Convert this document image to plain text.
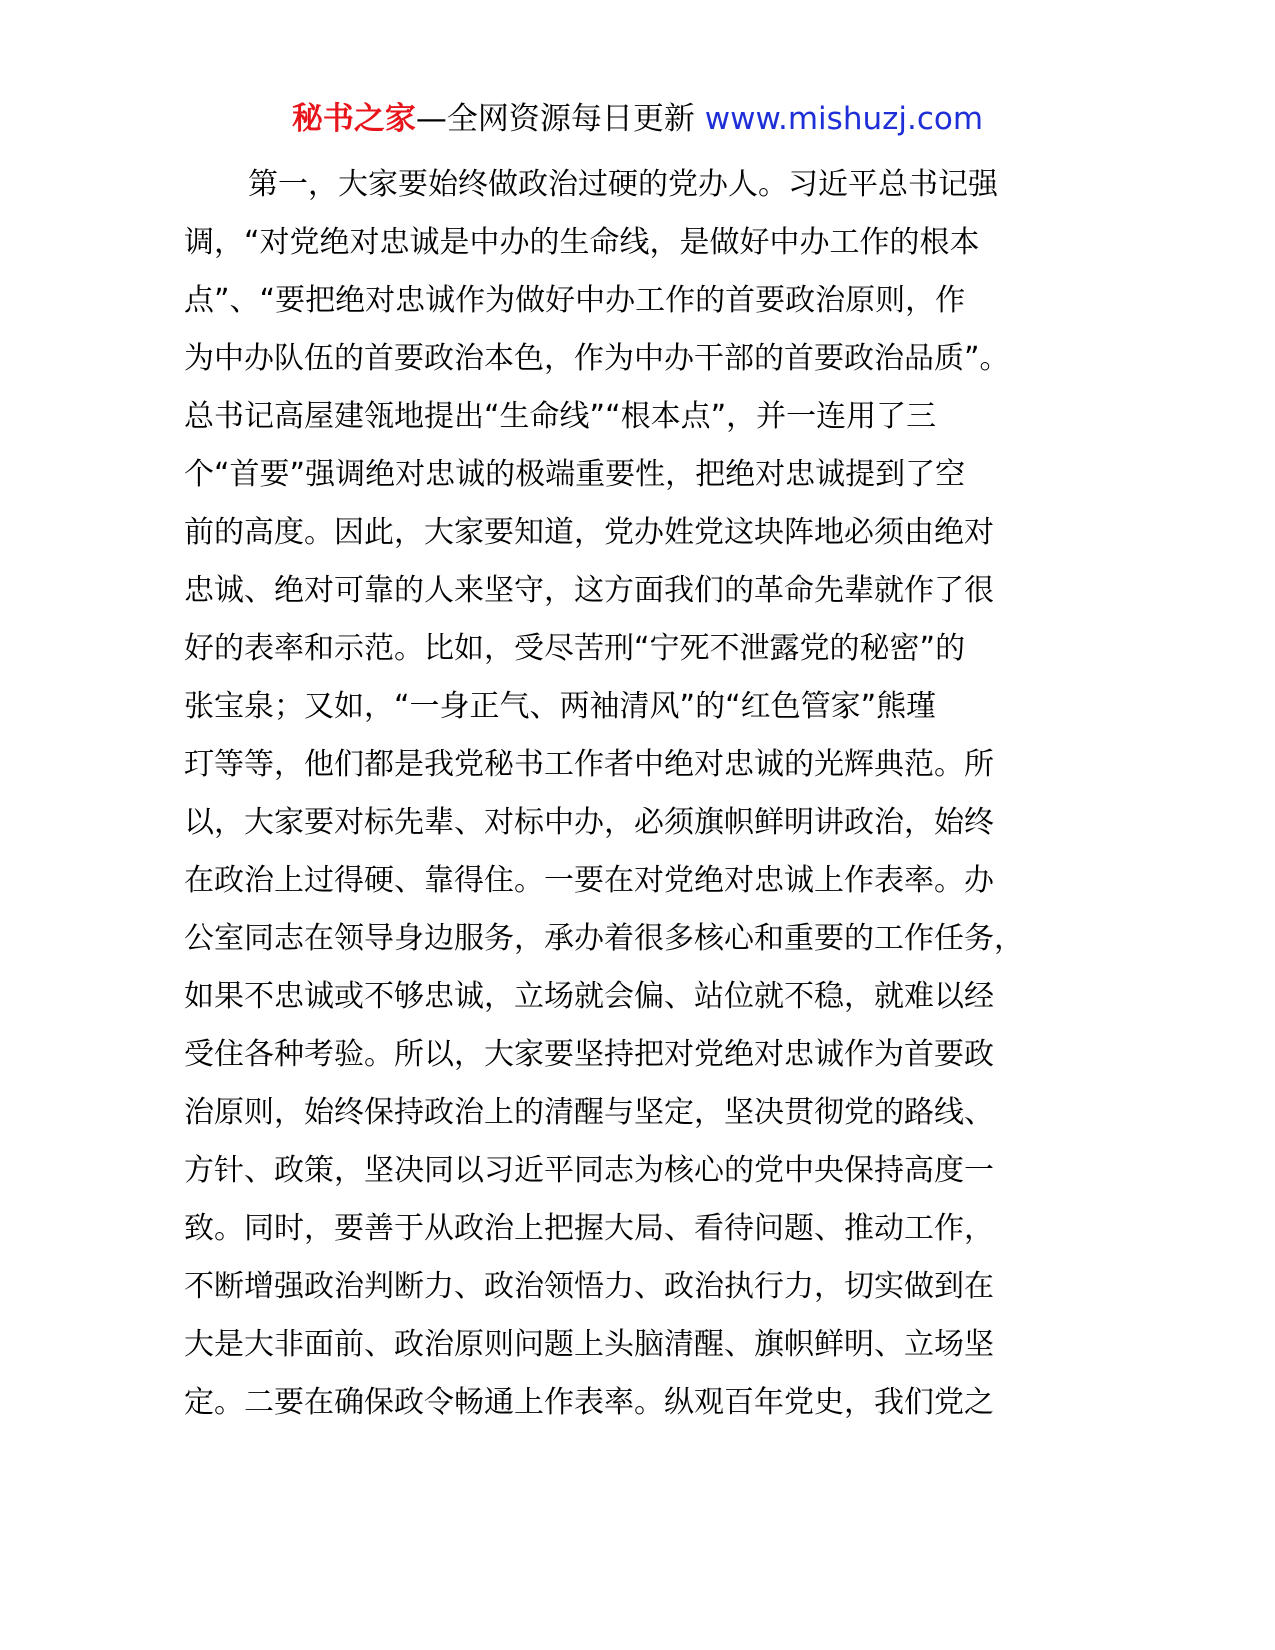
秘书之家—全网资源每日更新 www.mishuzj.com
第一，大家要始终做政治过硬的党办人。习近平总书记强
调，“对党绝对忠诚是中办的生命线，是做好中办工作的根本
点”、“要把绝对忠诚作为做好中办工作的首要政治原则，作
为中办队伍的首要政治本色，作为中办干部的首要政治品质”。
总书记高屋建瓴地提出“生命线”“根本点”，并一连用了三
个“首要”强调绝对忠诚的极端重要性，把绝对忠诚提到了空
前的高度。因此，大家要知道，党办姓党这块阵地必须由绝对
忠诚、绝对可靠的人来坚守，这方面我们的革命先辈就作了很
好的表率和示范。比如，受尽苦刑“宁死不泄露党的秘密”的
张宝泉；又如，“一身正气、两袖清风”的“红色管家”熊瑾
玎等等，他们都是我党秘书工作者中绝对忠诚的光辉典范。所
以，大家要对标先辈、对标中办，必须旗帜鲜明讲政治，始终
在政治上过得硬、靠得住。一要在对党绝对忠诚上作表率。办
公室同志在领导身边服务，承办着很多核心和重要的工作任务，
如果不忠诚或不够忠诚，立场就会偏、站位就不稳，就难以经
受住各种考验。所以，大家要坚持把对党绝对忠诚作为首要政
治原则，始终保持政治上的清醒与坚定，坚决贯彻党的路线、
方针、政策，坚决同以习近平同志为核心的党中央保持高度一
致。同时，要善于从政治上把握大局、看待问题、推动工作，
不断增强政治判断力、政治领悟力、政治执行力，切实做到在
大是大非面前、政治原则问题上头脑清醒、旗帜鲜明、立场坚
定。二要在确保政令畅通上作表率。纵观百年党史，我们党之
